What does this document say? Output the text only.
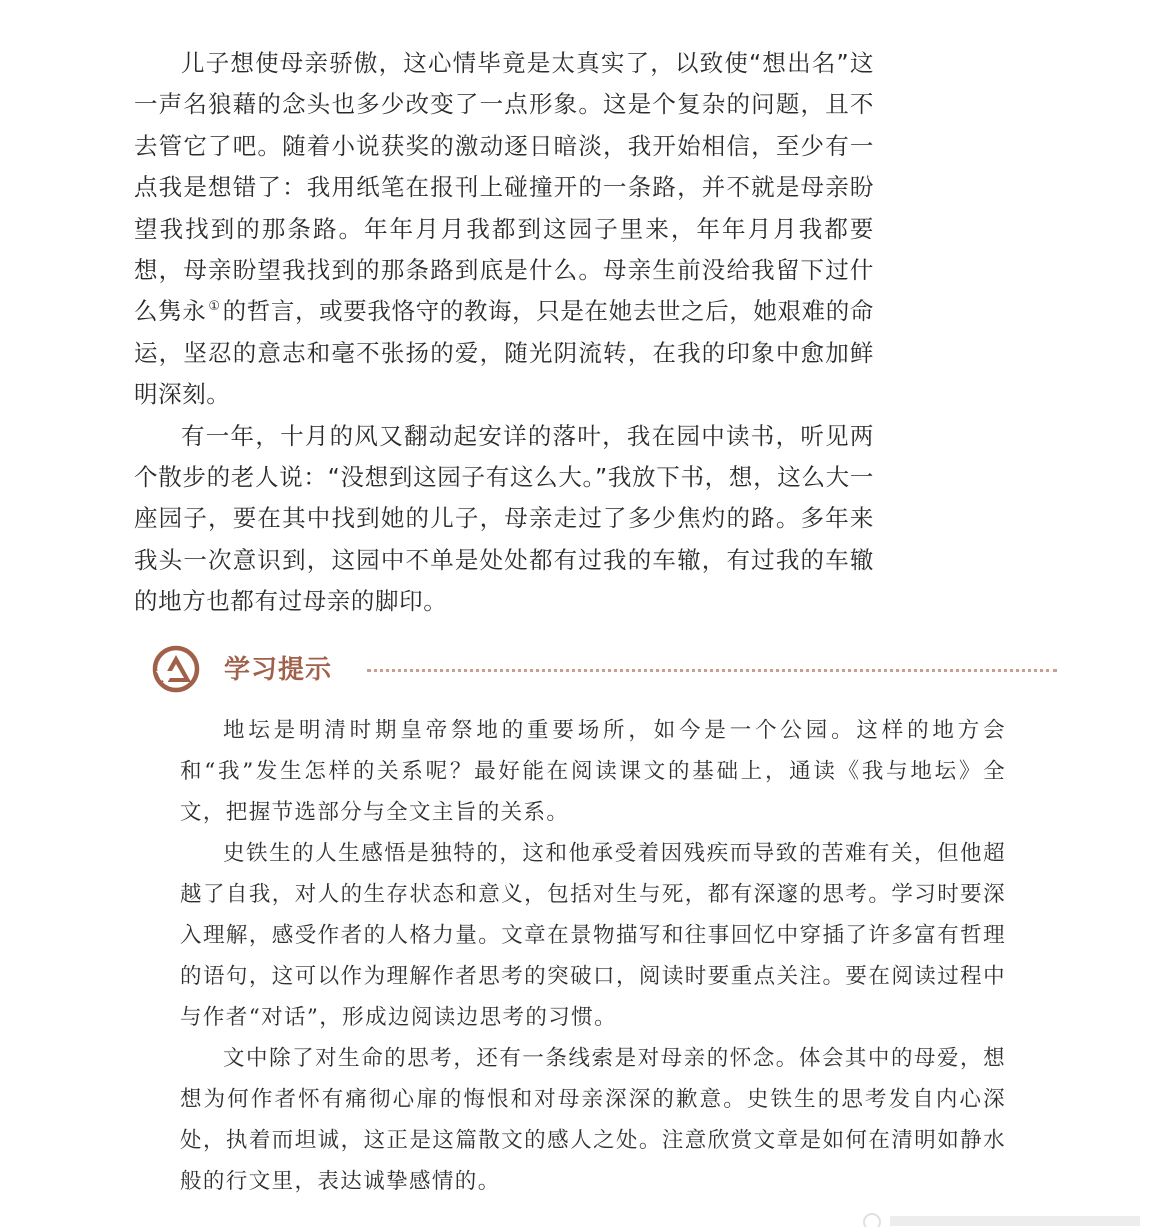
儿子想使母亲骄傲，这心情毕竟是太真实了，以致使“想出名”这一声名狼藉的念头也多少改变了一点形象。这是个复杂的问题，且不去管它了吧。随着小说获奖的激动逐日暗淡，我开始相信，至少有一点我是想错了：我用纸笔在报刊上碰撞开的一条路，并不就是母亲盼望我找到的那条路。年年月月我都到这园子里来，年年月月我都要想，母亲盼望我找到的那条路到底是什么。母亲生前没给我留下过什么隽永 ①的哲言，或要我恪守的教诲，只是在她去世之后，她艰难的命运，坚忍的意志和毫不张扬的爱，随光阴流转，在我的印象中愈加鲜明深刻。

有一年，十月的风又翻动起安详的落叶，我在园中读书，听见两个散步的老人说：“没想到这园子有这么大。”我放下书，想，这么大一座园子，要在其中找到她的儿子，母亲走过了多少焦灼的路。多年来我头一次意识到，这园中不单是处处都有过我的车辙，有过我的车辙的地方也都有过母亲的脚印。

学习提示

地坛是明清时期皇帝祭地的重要场所，如今是一个公园。这样的地方会和“我”发生怎样的关系呢？最好能在阅读课文的基础上，通读《我与地坛》全文，把握节选部分与全文主旨的关系。

史铁生的人生感悟是独特的，这和他承受着因残疾而导致的苦难有关，但他超越了自我，对人的生存状态和意义，包括对生与死，都有深邃的思考。学习时要深入理解，感受作者的人格力量。文章在景物描写和往事回忆中穿插了许多富有哲理的语句，这可以作为理解作者思考的突破口，阅读时要重点关注。要在阅读过程中与作者“对话”，形成边阅读边思考的习惯。

文中除了对生命的思考，还有一条线索是对母亲的怀念。体会其中的母爱，想想为何作者怀有痛彻心扉的悔恨和对母亲深深的歉意。史铁生的思考发自内心深处，执着而坦诚，这正是这篇散文的感人之处。注意欣赏文章是如何在清明如静水般的行文里，表达诚挚感情的。
